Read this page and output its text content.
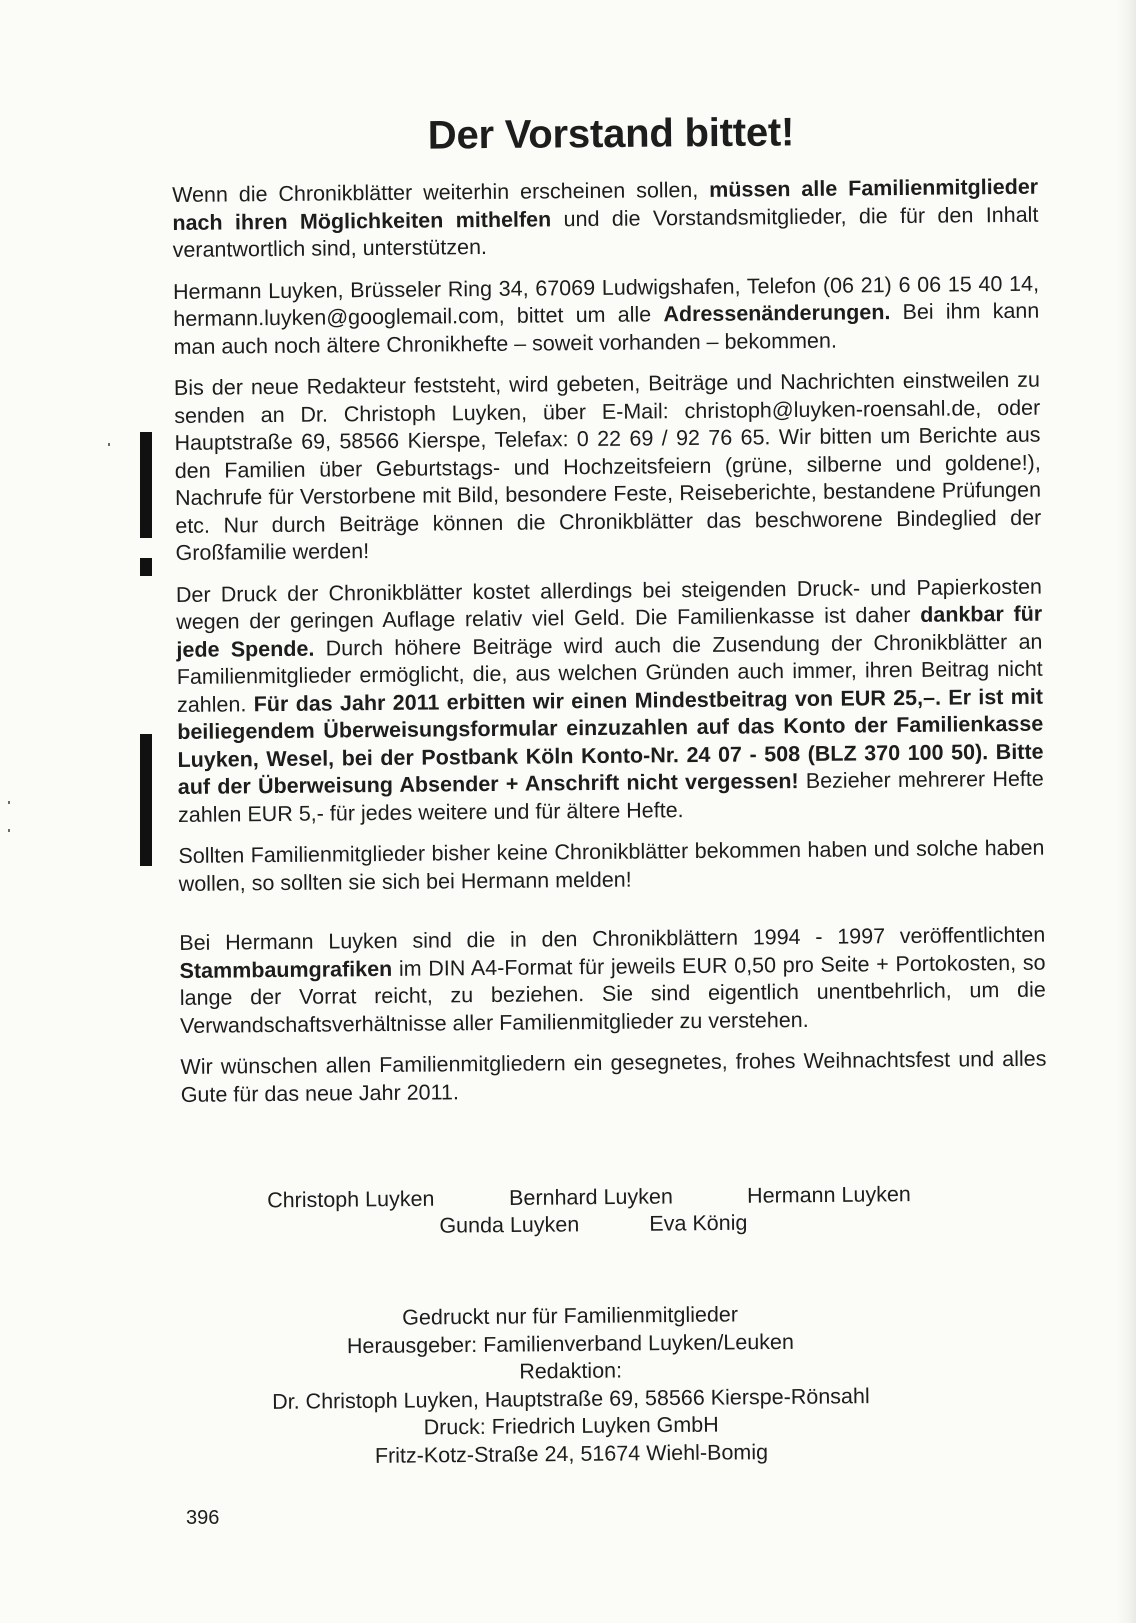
Der Vorstand bittet!

Wenn die Chronikblätter weiterhin erscheinen sollen, müssen alle Familienmitglieder nach ihren Möglichkeiten mithelfen und die Vorstandsmitglieder, die für den Inhalt verantwortlich sind, unterstützen.

Hermann Luyken, Brüsseler Ring 34, 67069 Ludwigshafen, Telefon (06 21) 6 06 15 40 14, hermann.luyken@googlemail.com, bittet um alle Adressenänderungen. Bei ihm kann man auch noch ältere Chronikhefte – soweit vorhanden – bekommen.

Bis der neue Redakteur feststeht, wird gebeten, Beiträge und Nachrichten einstweilen zu senden an Dr. Christoph Luyken, über E-Mail: christoph@luyken-roensahl.de, oder Hauptstraße 69, 58566 Kierspe, Telefax: 0 22 69 / 92 76 65. Wir bitten um Berichte aus den Familien über Geburtstags- und Hochzeitsfeiern (grüne, silberne und goldene!), Nachrufe für Verstorbene mit Bild, besondere Feste, Reiseberichte, bestandene Prüfungen etc. Nur durch Beiträge können die Chronikblätter das beschworene Bindeglied der Großfamilie werden!

Der Druck der Chronikblätter kostet allerdings bei steigenden Druck- und Papierkosten wegen der geringen Auflage relativ viel Geld. Die Familienkasse ist daher dankbar für jede Spende. Durch höhere Beiträge wird auch die Zusendung der Chronikblätter an Familienmitglieder ermöglicht, die, aus welchen Gründen auch immer, ihren Beitrag nicht zahlen. Für das Jahr 2011 erbitten wir einen Mindestbeitrag von EUR 25,–. Er ist mit beiliegendem Überweisungsformular einzuzahlen auf das Konto der Familienkasse Luyken, Wesel, bei der Postbank Köln Konto-Nr. 24 07 - 508 (BLZ 370 100 50). Bitte auf der Überweisung Absender + Anschrift nicht vergessen! Bezieher mehrerer Hefte zahlen EUR 5,- für jedes weitere und für ältere Hefte.

Sollten Familienmitglieder bisher keine Chronikblätter bekommen haben und solche haben wollen, so sollten sie sich bei Hermann melden!

Bei Hermann Luyken sind die in den Chronikblättern 1994 - 1997 veröffentlichten Stammbaumgrafiken im DIN A4-Format für jeweils EUR 0,50 pro Seite + Portokosten, so lange der Vorrat reicht, zu beziehen. Sie sind eigentlich unentbehrlich, um die Verwandschaftsverhältnisse aller Familienmitglieder zu verstehen.

Wir wünschen allen Familienmitgliedern ein gesegnetes, frohes Weihnachtsfest und alles Gute für das neue Jahr 2011.

Christoph Luyken	Bernhard Luyken	Hermann Luyken
Gunda Luyken	Eva König
Gedruckt nur für Familienmitglieder
Herausgeber: Familienverband Luyken/Leuken
Redaktion:
Dr. Christoph Luyken, Hauptstraße 69, 58566 Kierspe-Rönsahl
Druck: Friedrich Luyken GmbH
Fritz-Kotz-Straße 24, 51674 Wiehl-Bomig
396
